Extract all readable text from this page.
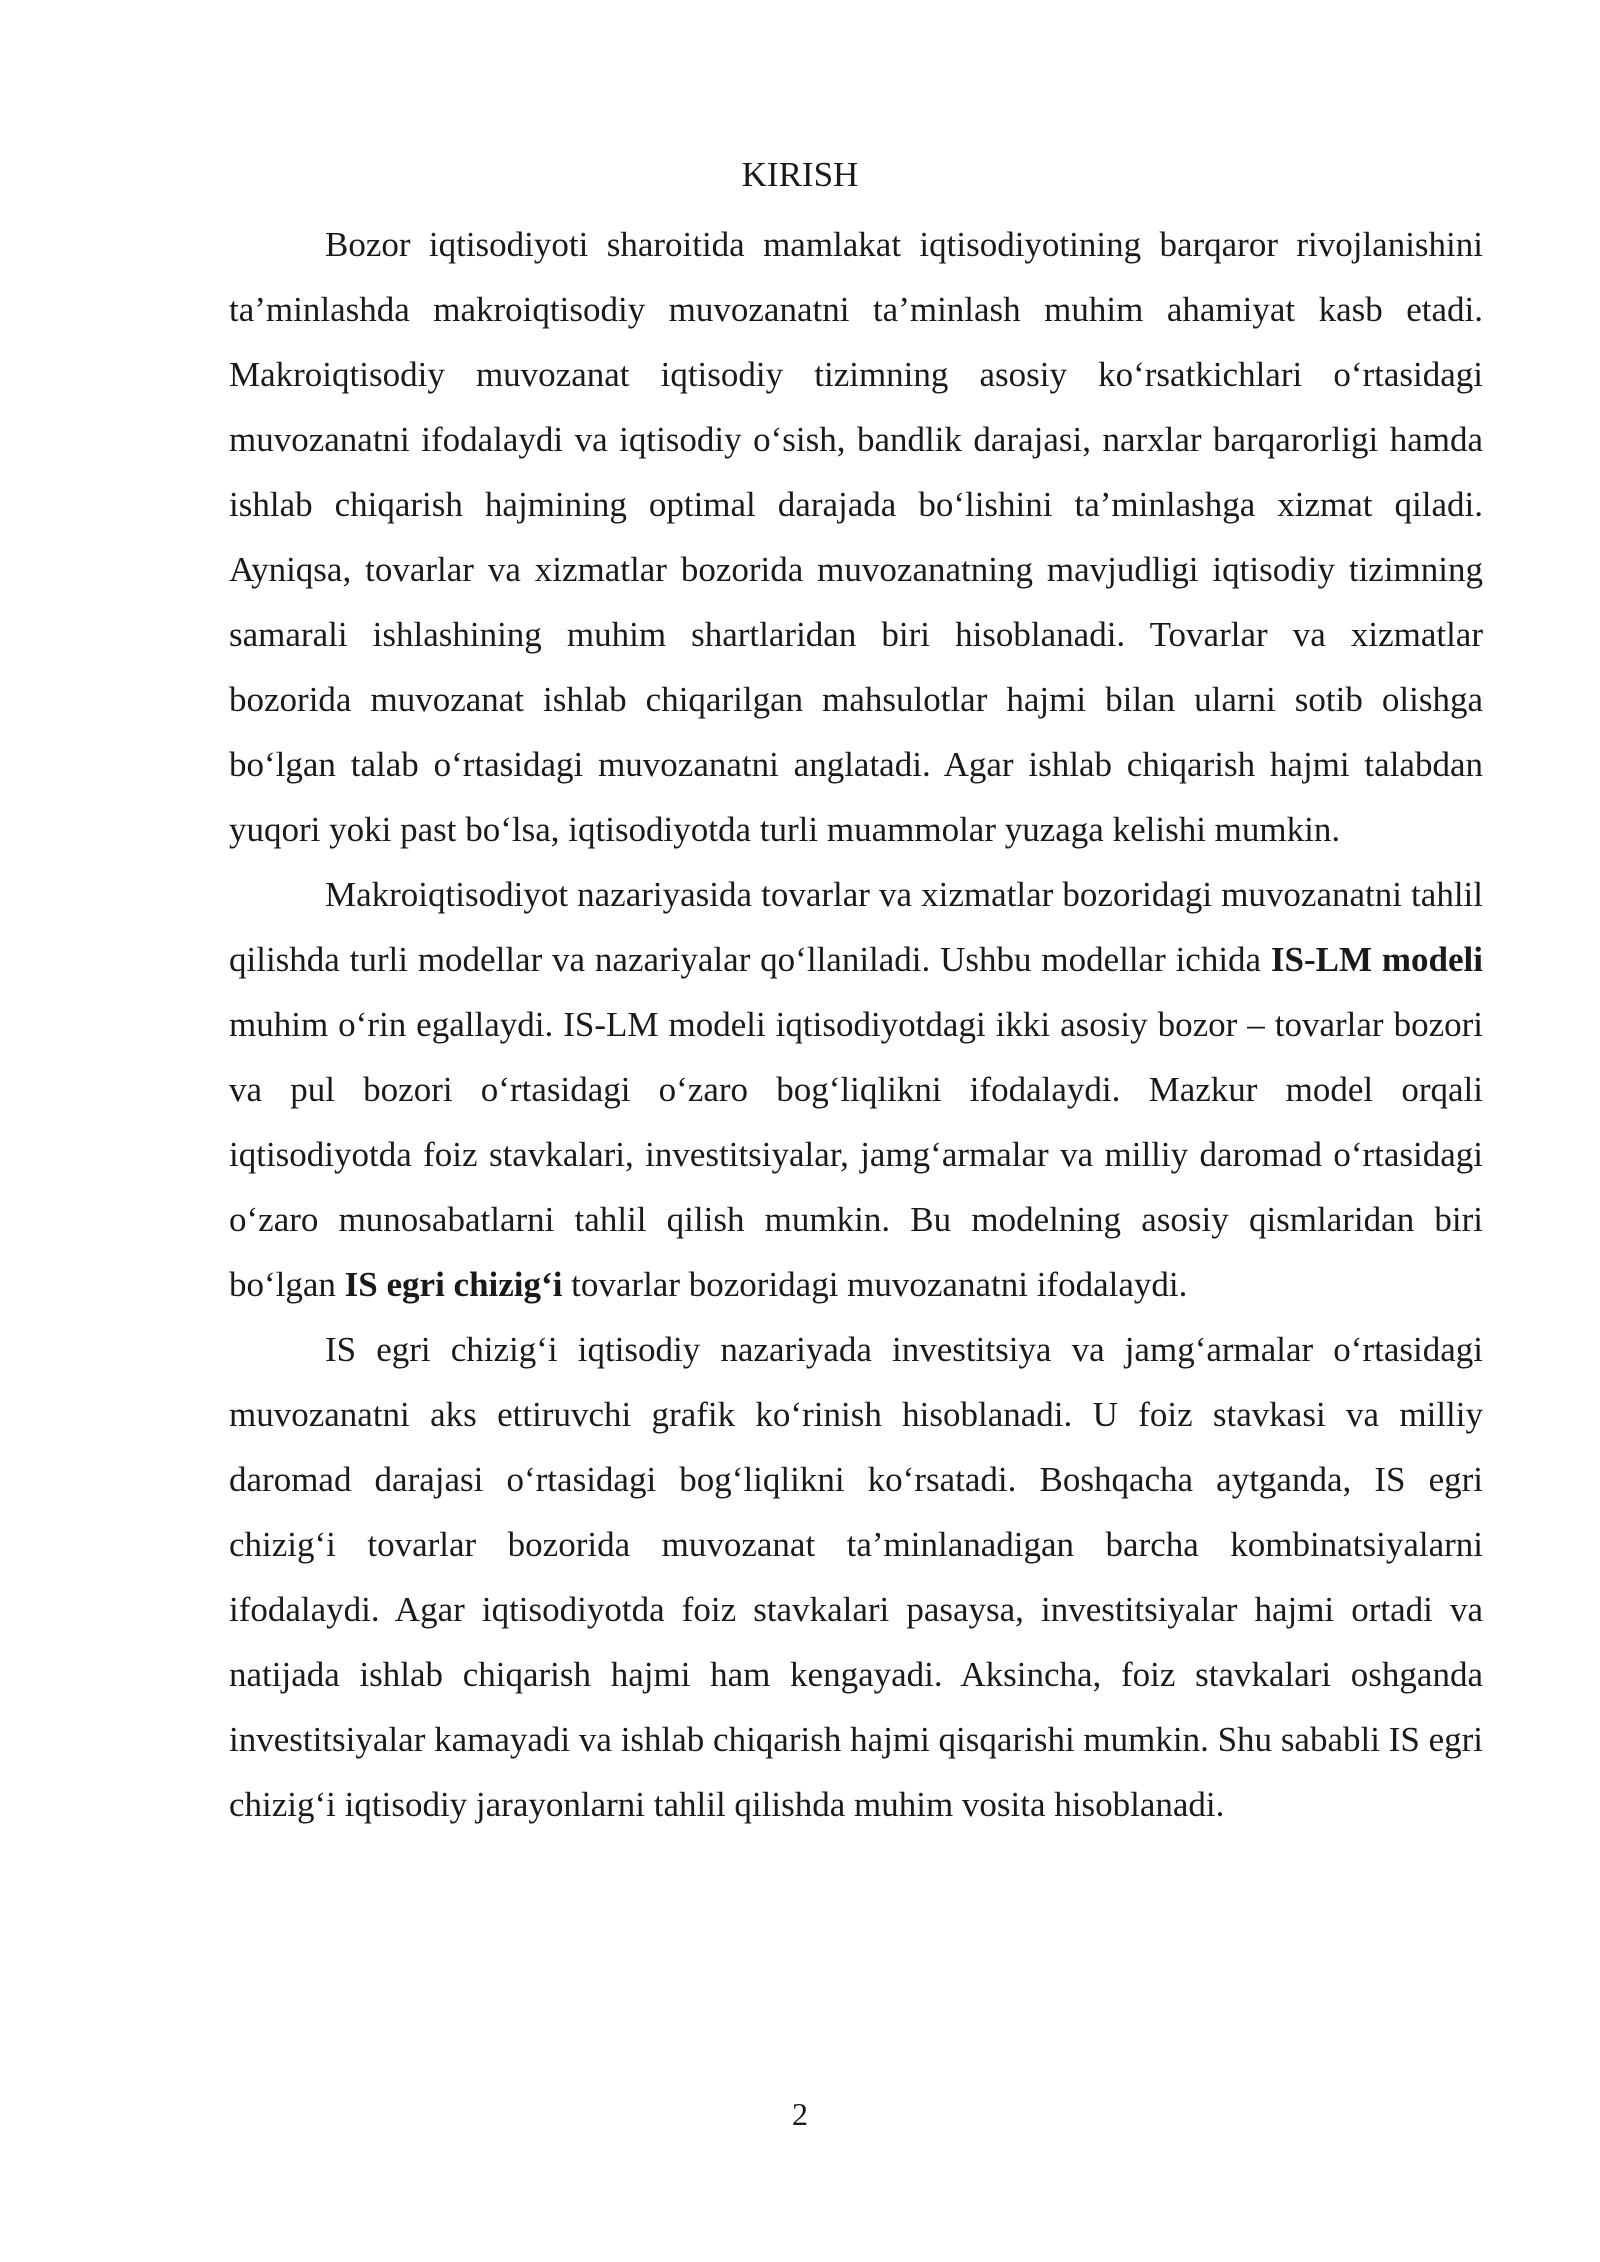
KIRISH

Bozor iqtisodiyoti sharoitida mamlakat iqtisodiyotining barqaror rivojlanishini ta’minlashda makroiqtisodiy muvozanatni ta’minlash muhim ahamiyat kasb etadi. Makroiqtisodiy muvozanat iqtisodiy tizimning asosiy ko‘rsatkichlari o‘rtasidagi muvozanatni ifodalaydi va iqtisodiy o‘sish, bandlik darajasi, narxlar barqarorligi hamda ishlab chiqarish hajmining optimal darajada bo‘lishini ta’minlashga xizmat qiladi. Ayniqsa, tovarlar va xizmatlar bozorida muvozanatning mavjudligi iqtisodiy tizimning samarali ishlashining muhim shartlaridan biri hisoblanadi. Tovarlar va xizmatlar bozorida muvozanat ishlab chiqarilgan mahsulotlar hajmi bilan ularni sotib olishga bo‘lgan talab o‘rtasidagi muvozanatni anglatadi. Agar ishlab chiqarish hajmi talabdan yuqori yoki past bo‘lsa, iqtisodiyotda turli muammolar yuzaga kelishi mumkin.

Makroiqtisodiyot nazariyasida tovarlar va xizmatlar bozoridagi muvozanatni tahlil qilishda turli modellar va nazariyalar qo‘llaniladi. Ushbu modellar ichida IS-LM modeli muhim o‘rin egallaydi. IS-LM modeli iqtisodiyotdagi ikki asosiy bozor – tovarlar bozori va pul bozori o‘rtasidagi o‘zaro bog‘liqlikni ifodalaydi. Mazkur model orqali iqtisodiyotda foiz stavkalari, investitsiyalar, jamg‘armalar va milliy daromad o‘rtasidagi o‘zaro munosabatlarni tahlil qilish mumkin. Bu modelning asosiy qismlaridan biri bo‘lgan IS egri chizig‘i tovarlar bozoridagi muvozanatni ifodalaydi.

IS egri chizig‘i iqtisodiy nazariyada investitsiya va jamg‘armalar o‘rtasidagi muvozanatni aks ettiruvchi grafik ko‘rinish hisoblanadi. U foiz stavkasi va milliy daromad darajasi o‘rtasidagi bog‘liqlikni ko‘rsatadi. Boshqacha aytganda, IS egri chizig‘i tovarlar bozorida muvozanat ta’minlanadigan barcha kombinatsiyalarni ifodalaydi. Agar iqtisodiyotda foiz stavkalari pasaysa, investitsiyalar hajmi ortadi va natijada ishlab chiqarish hajmi ham kengayadi. Aksincha, foiz stavkalari oshganda investitsiyalar kamayadi va ishlab chiqarish hajmi qisqarishi mumkin. Shu sababli IS egri chizig‘i iqtisodiy jarayonlarni tahlil qilishda muhim vosita hisoblanadi.

2
